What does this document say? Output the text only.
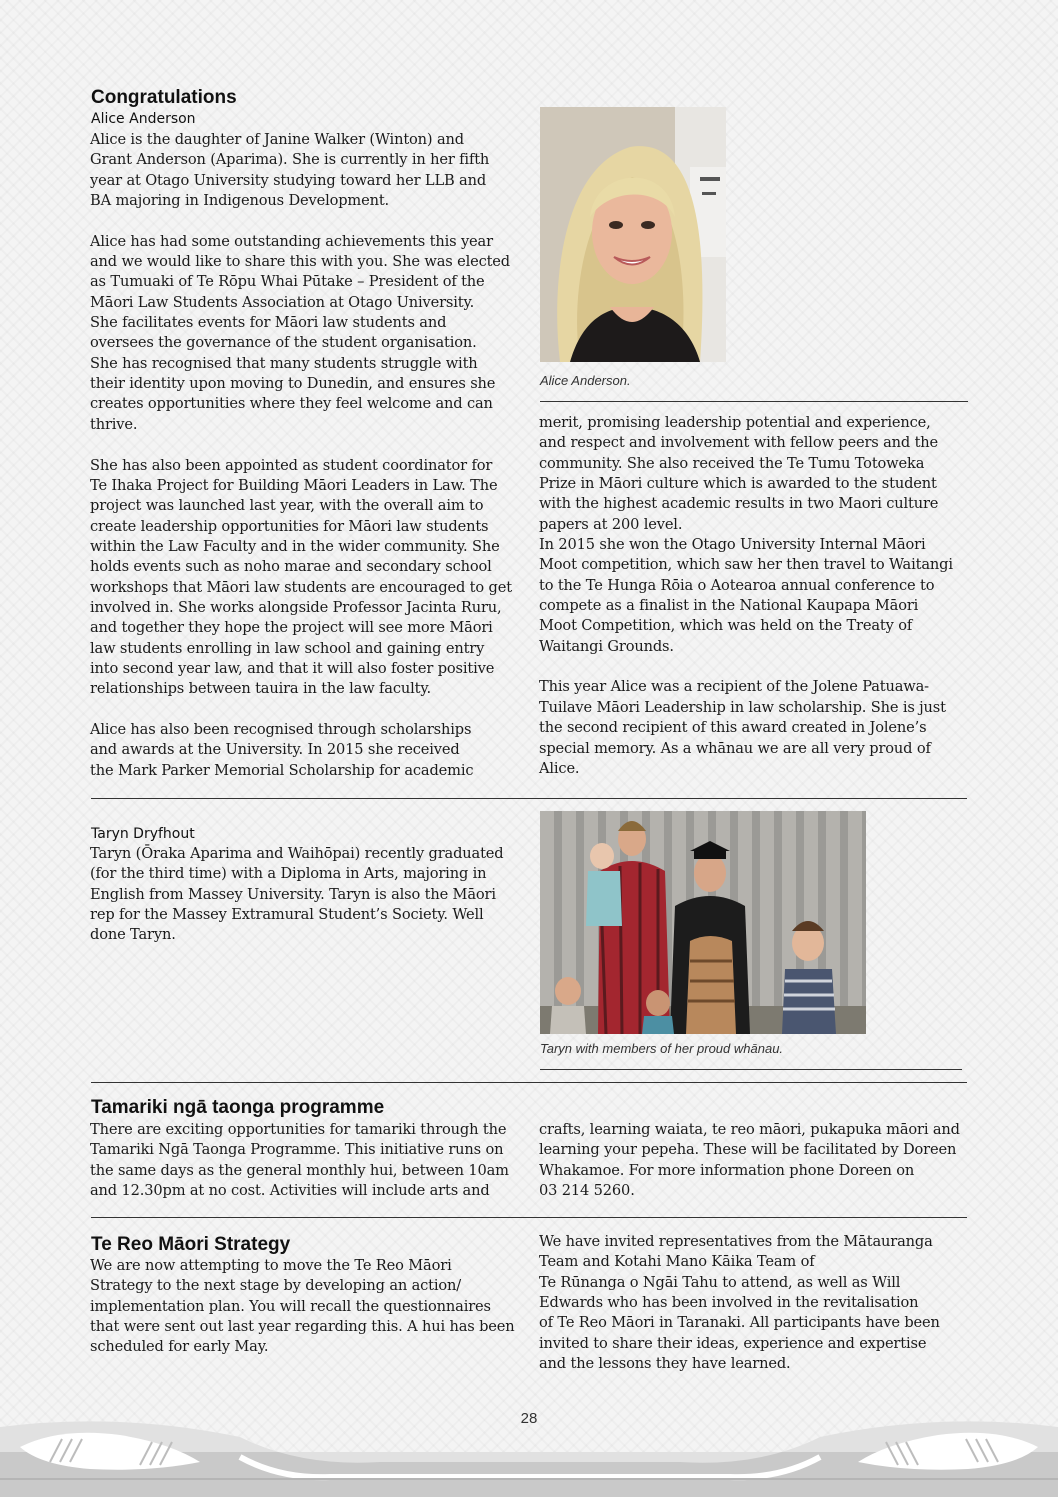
Congratulations
Alice Anderson

Alice is the daughter of Janine Walker (Winton) and
Grant Anderson (Aparima). She is currently in her fifth
year at Otago University studying toward her LLB and
BA majoring in Indigenous Development.

Alice has had some outstanding achievements this year
and we would like to share this with you. She was elected
as Tumuaki of Te Rōpu Whai Pūtake – President of the
Māori Law Students Association at Otago University.
She facilitates events for Māori law students and
oversees the governance of the student organisation.
She has recognised that many students struggle with
their identity upon moving to Dunedin, and ensures she
creates opportunities where they feel welcome and can
thrive.

She has also been appointed as student coordinator for
Te Ihaka Project for Building Māori Leaders in Law. The
project was launched last year, with the overall aim to
create leadership opportunities for Māori law students
within the Law Faculty and in the wider community. She
holds events such as noho marae and secondary school
workshops that Māori law students are encouraged to get
involved in. She works alongside Professor Jacinta Ruru,
and together they hope the project will see more Māori
law students enrolling in law school and gaining entry
into second year law, and that it will also foster positive
relationships between tauira in the law faculty.

Alice has also been recognised through scholarships
and awards at the University. In 2015 she received
the Mark Parker Memorial Scholarship for academic

Alice Anderson.

merit, promising leadership potential and experience,
and respect and involvement with fellow peers and the
community. She also received the Te Tumu Totoweka
Prize in Māori culture which is awarded to the student
with the highest academic results in two Maori culture
papers at 200 level.
In 2015 she won the Otago University Internal Māori
Moot competition, which saw her then travel to Waitangi
to the Te Hunga Rōia o Aotearoa annual conference to
compete as a finalist in the National Kaupapa Māori
Moot Competition, which was held on the Treaty of
Waitangi Grounds.

This year Alice was a recipient of the Jolene Patuawa-
Tuilave Māori Leadership in law scholarship. She is just
the second recipient of this award created in Jolene’s
special memory. As a whānau we are all very proud of
Alice.

Taryn Dryfhout

Taryn (Ōraka Aparima and Waihōpai) recently graduated
(for the third time) with a Diploma in Arts, majoring in
English from Massey University. Taryn is also the Māori
rep for the Massey Extramural Student’s Society. Well
done Taryn.

Taryn with members of her proud whānau.
Tamariki ngā taonga programme

There are exciting opportunities for tamariki through the
Tamariki Ngā Taonga Programme. This initiative runs on
the same days as the general monthly hui, between 10am
and 12.30pm at no cost. Activities will include arts and

crafts, learning waiata, te reo māori, pukapuka māori and
learning your pepeha. These will be facilitated by Doreen
Whakamoe. For more information phone Doreen on
03 214 5260.

Te Reo Māori Strategy

We are now attempting to move the Te Reo Māori
Strategy to the next stage by developing an action/
implementation plan. You will recall the questionnaires
that were sent out last year regarding this. A hui has been
scheduled for early May.

We have invited representatives from the Mātauranga
Team and Kotahi Mano Kāika Team of
Te Rūnanga o Ngāi Tahu to attend, as well as Will
Edwards who has been involved in the revitalisation
of Te Reo Māori in Taranaki. All participants have been
invited to share their ideas, experience and expertise
and the lessons they have learned.

28
